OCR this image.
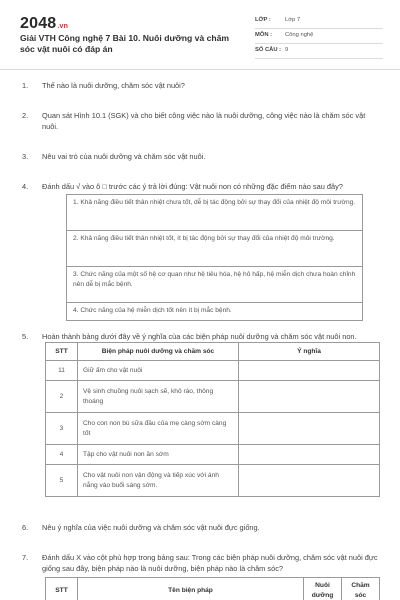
2048.vn
Giải VTH Công nghệ 7 Bài 10. Nuôi dưỡng và chăm sóc vật nuôi có đáp án
LỚP : Lớp 7
MÔN : Công nghệ
SỐ CÂU : 9
1.	Thế nào là nuôi dưỡng, chăm sóc vật nuôi?
2.	Quan sát Hình 10.1 (SGK) và cho biết công việc nào là nuôi dưỡng, công việc nào là chăm sóc vật nuôi.
3.	Nêu vai trò của nuôi dưỡng và chăm sóc vật nuôi.
4.	Đánh dấu √ vào ô □ trước các ý trả lời đúng: Vật nuôi non có những đặc điểm nào sau đây?
1. Khả năng điều tiết thân nhiệt chưa tốt, dễ bị tác động bởi sự thay đổi của nhiệt độ môi trường.
2. Khả năng điều tiết thân nhiệt tốt, ít bị tác động bởi sự thay đổi của nhiệt độ môi trường.
3. Chức năng của một số hệ cơ quan như hệ tiêu hóa, hệ hô hấp, hệ miễn dịch chưa hoàn chỉnh nên dễ bị mắc bệnh.
4. Chức năng của hệ miễn dịch tốt nên ít bị mắc bệnh.
5.	Hoàn thành bảng dưới đây về ý nghĩa của các biện pháp nuôi dưỡng và chăm sóc vật nuôi non.
STT	Biện pháp nuôi dưỡng và chăm sóc	Ý nghĩa
11	Giữ ấm cho vật nuôi	
2	Vệ sinh chuồng nuôi sạch sẽ, khô ráo, thông thoáng	
3	Cho con non bú sữa đầu của mẹ càng sớm càng tốt	
4	Tập cho vật nuôi non ăn sớm	
5	Cho vật nuôi non vận động và tiếp xúc với ánh nắng vào buổi sáng sớm.	
6.	Nêu ý nghĩa của việc nuôi dưỡng và chăm sóc vật nuôi đực giống.
7.	Đánh dấu X vào cột phù hợp trong bảng sau: Trong các biện pháp nuôi dưỡng, chăm sóc vật nuôi đực giống sau đây, biện pháp nào là nuôi dưỡng, biện pháp nào là chăm sóc?
STT	Tên biện pháp	Nuôi dưỡng	Chăm sóc
